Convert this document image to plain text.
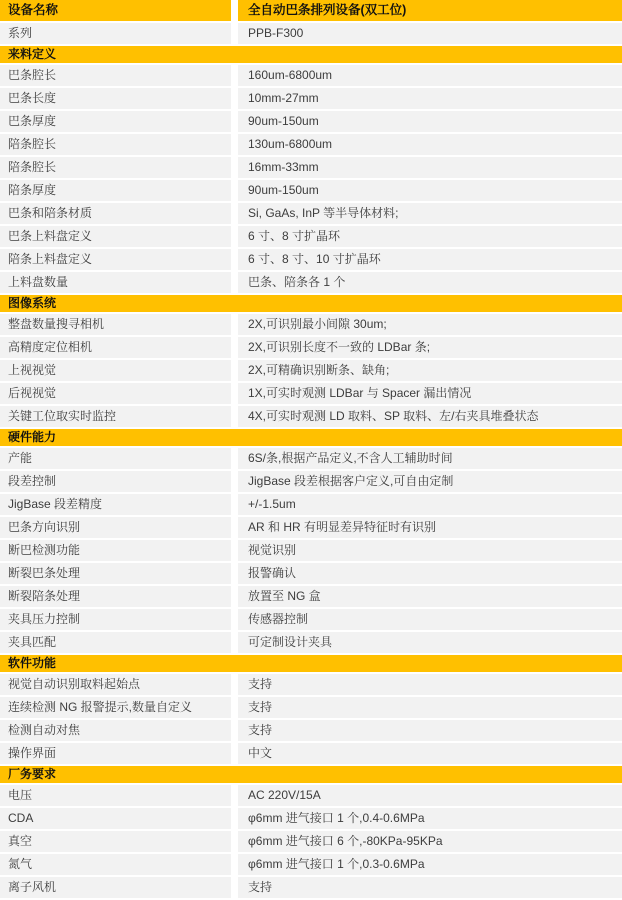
设备名称	全自动巴条排列设备(双工位)
系列	PPB-F300
来料定义
巴条腔长	160um-6800um
巴条长度	10mm-27mm
巴条厚度	90um-150um
陪条腔长	130um-6800um
陪条腔长	16mm-33mm
陪条厚度	90um-150um
巴条和陪条材质	Si, GaAs, InP 等半导体材料;
巴条上料盘定义	6 寸、8 寸扩晶环
陪条上料盘定义	6 寸、8 寸、10 寸扩晶环
上料盘数量	巴条、陪条各 1 个
图像系统
整盘数量搜寻相机	2X,可识别最小间隙 30um;
高精度定位相机	2X,可识别长度不一致的 LDBar 条;
上视视觉	2X,可精确识别断条、缺角;
后视视觉	1X,可实时观测 LDBar 与 Spacer 漏出情况
关键工位取实时监控	4X,可实时观测 LD 取料、SP 取料、左/右夹具堆叠状态
硬件能力
产能	6S/条,根据产品定义,不含人工辅助时间
段差控制	JigBase 段差根据客户定义,可自由定制
JigBase 段差精度	+/-1.5um
巴条方向识别	AR 和 HR 有明显差异特征时有识别
断巴检测功能	视觉识别
断裂巴条处理	报警确认
断裂陪条处理	放置至 NG 盒
夹具压力控制	传感器控制
夹具匹配	可定制设计夹具
软件功能
视觉自动识别取料起始点	支持
连续检测 NG 报警提示,数量自定义	支持
检测自动对焦	支持
操作界面	中文
厂务要求
电压	AC 220V/15A
CDA	φ6mm 进气接口 1 个,0.4-0.6MPa
真空	φ6mm 进气接口 6 个,-80KPa-95KPa
氮气	φ6mm 进气接口 1 个,0.3-0.6MPa
离子风机	支持
